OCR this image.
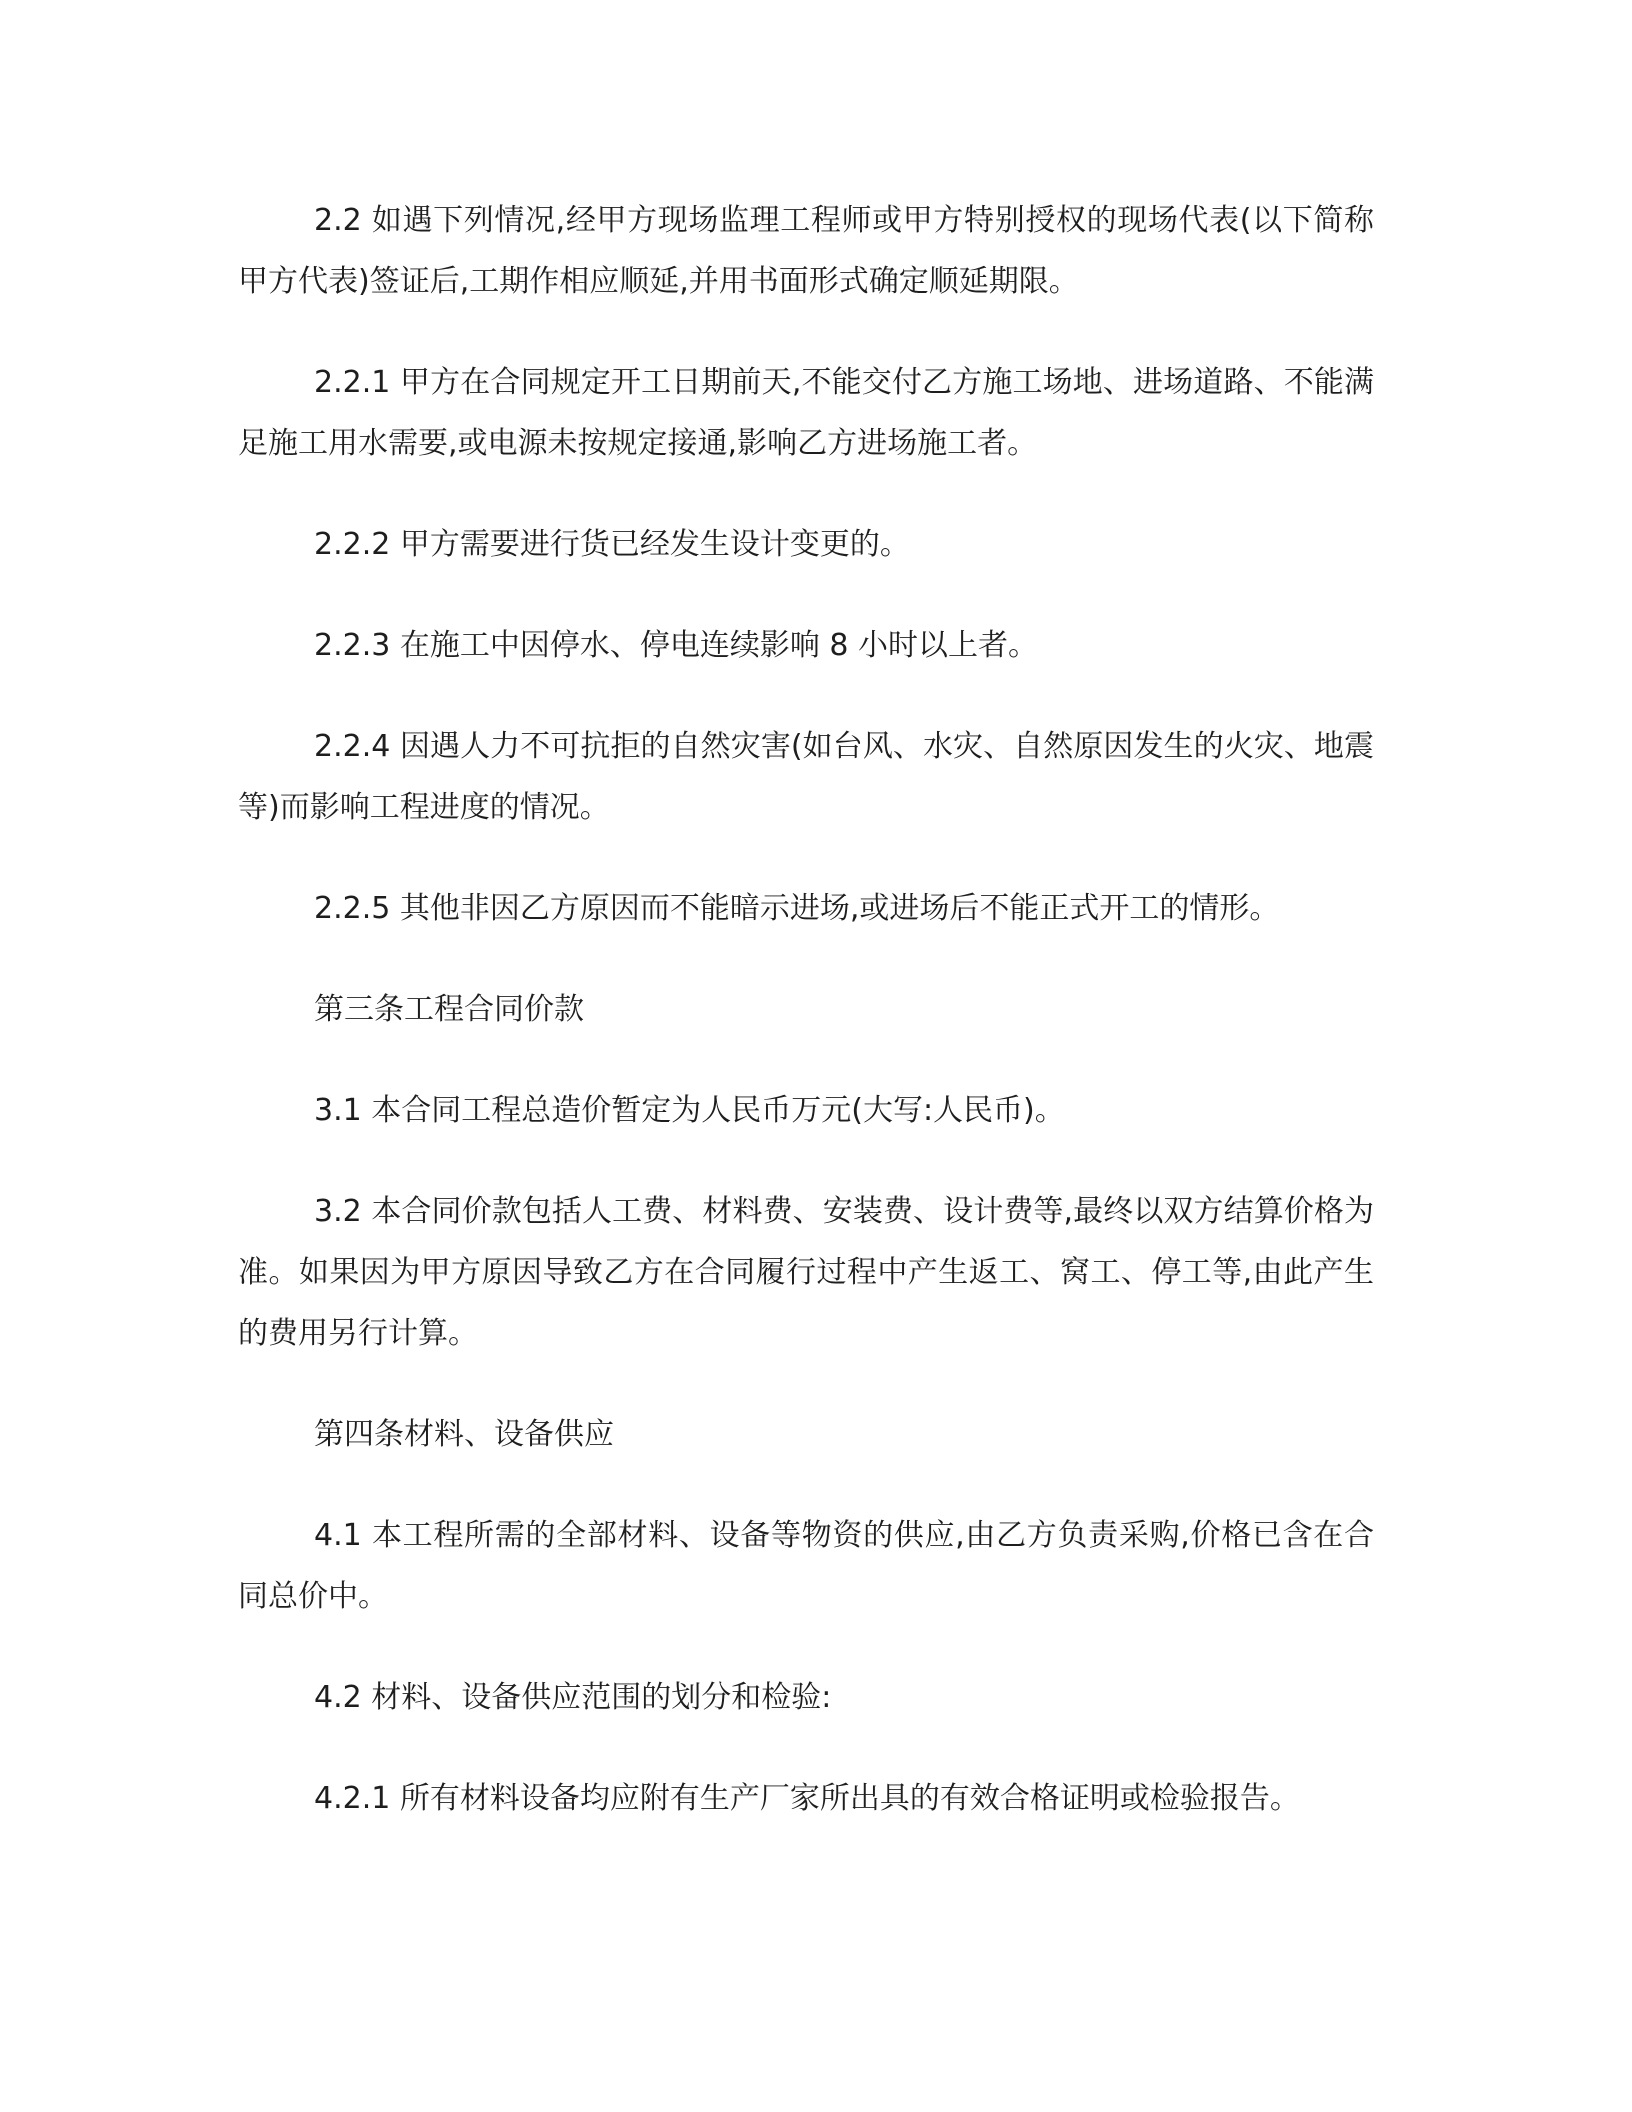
2.2 如遇下列情况,经甲方现场监理工程师或甲方特别授权的现场代表(以下简称甲方代表)签证后,工期作相应顺延,并用书面形式确定顺延期限。

2.2.1 甲方在合同规定开工日期前天,不能交付乙方施工场地、进场道路、不能满足施工用水需要,或电源未按规定接通,影响乙方进场施工者。

2.2.2 甲方需要进行货已经发生设计变更的。

2.2.3 在施工中因停水、停电连续影响 8 小时以上者。

2.2.4 因遇人力不可抗拒的自然灾害(如台风、水灾、自然原因发生的火灾、地震等)而影响工程进度的情况。

2.2.5 其他非因乙方原因而不能暗示进场,或进场后不能正式开工的情形。

第三条工程合同价款

3.1 本合同工程总造价暂定为人民币万元(大写:人民币)。

3.2 本合同价款包括人工费、材料费、安装费、设计费等,最终以双方结算价格为准。如果因为甲方原因导致乙方在合同履行过程中产生返工、窝工、停工等,由此产生的费用另行计算。

第四条材料、设备供应

4.1 本工程所需的全部材料、设备等物资的供应,由乙方负责采购,价格已含在合同总价中。

4.2 材料、设备供应范围的划分和检验:

4.2.1 所有材料设备均应附有生产厂家所出具的有效合格证明或检验报告。
